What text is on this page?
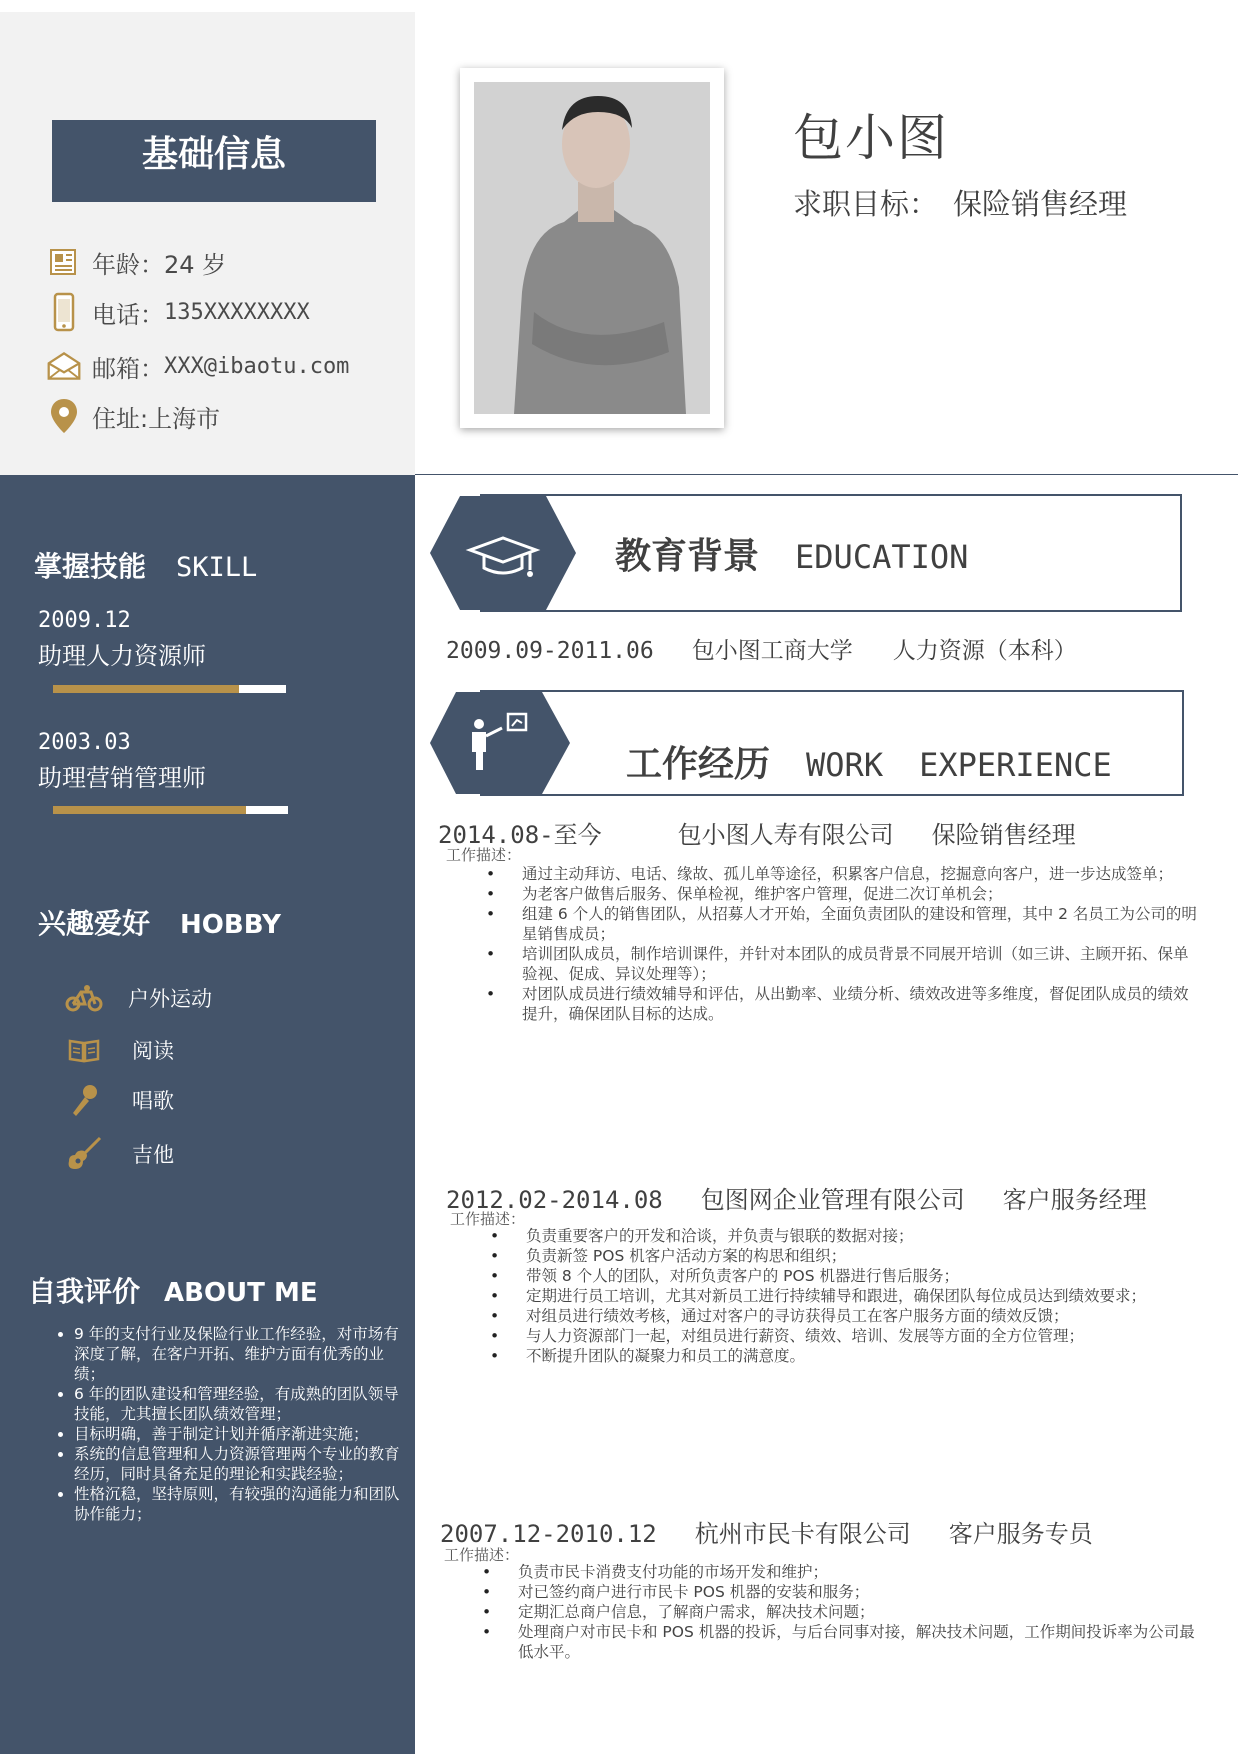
基础信息
年龄：24 岁
电话： 135XXXXXXXX
邮箱： XXX@ibaotu.com
住址:上海市
包小图
求职目标： 保险销售经理
掌握技能 SKILL
2009.12
助理人力资源师
2003.03
助理营销管理师
兴趣爱好 HOBBY
户外运动
阅读
唱歌
吉他
自我评价 ABOUT ME
• 9 年的支付行业及保险行业工作经验，对市场有深度了解，在客户开拓、维护方面有优秀的业绩；
• 6 年的团队建设和管理经验，有成熟的团队领导技能，尤其擅长团队绩效管理；
• 目标明确，善于制定计划并循序渐进实施；
• 系统的信息管理和人力资源管理两个专业的教育经历，同时具备充足的理论和实践经验；
• 性格沉稳，坚持原则，有较强的沟通能力和团队协作能力；
教育背景 EDUCATION
2009.09-2011.06 包小图工商大学 人力资源（本科）
工作经历 WORK EXPERIENCE
2014.08-至今	包小图人寿有限公司 保险销售经理
工作描述：
• 通过主动拜访、电话、缘故、孤儿单等途径，积累客户信息，挖掘意向客户，进一步达成签单；
• 为老客户做售后服务、保单检视，维护客户管理，促进二次订单机会；
• 组建 6 个人的销售团队，从招募人才开始，全面负责团队的建设和管理，其中 2 名员工为公司的明星销售成员；
• 培训团队成员，制作培训课件，并针对本团队的成员背景不同展开培训（如三讲、主顾开拓、保单验视、促成、异议处理等）；
• 对团队成员进行绩效辅导和评估，从出勤率、业绩分析、绩效改进等多维度，督促团队成员的绩效提升，确保团队目标的达成。
2012.02-2014.08 包图网企业管理有限公司 客户服务经理
工作描述：
• 负责重要客户的开发和洽谈，并负责与银联的数据对接；
• 负责新签 POS 机客户活动方案的构思和组织；
• 带领 8 个人的团队，对所负责客户的 POS 机器进行售后服务；
• 定期进行员工培训，尤其对新员工进行持续辅导和跟进，确保团队每位成员达到绩效要求；
• 对组员进行绩效考核，通过对客户的寻访获得员工在客户服务方面的绩效反馈；
• 与人力资源部门一起，对组员进行薪资、绩效、培训、发展等方面的全方位管理；
• 不断提升团队的凝聚力和员工的满意度。
2007.12-2010.12 杭州市民卡有限公司 客户服务专员
工作描述：
• 负责市民卡消费支付功能的市场开发和维护；
• 对已签约商户进行市民卡 POS 机器的安装和服务；
• 定期汇总商户信息，了解商户需求，解决技术问题；
• 处理商户对市民卡和 POS 机器的投诉，与后台同事对接，解决技术问题，工作期间投诉率为公司最低水平。
